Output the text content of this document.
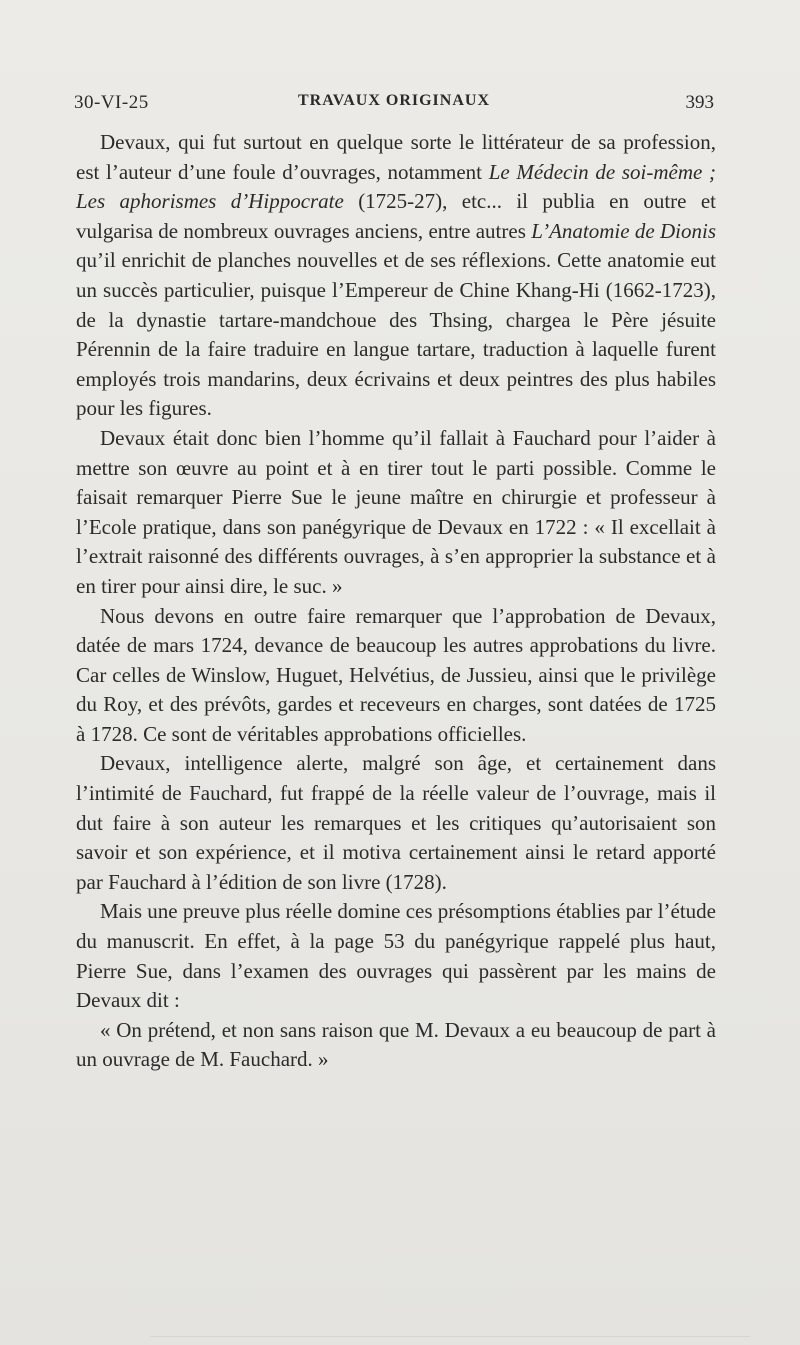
30-VI-25	TRAVAUX ORIGINAUX	393

Devaux, qui fut surtout en quelque sorte le littérateur de sa profession, est l’auteur d’une foule d’ouvrages, notamment Le Médecin de soi-même ; Les aphorismes d’Hippocrate (1725-27), etc... il publia en outre et vulgarisa de nombreux ouvrages anciens, entre autres L’Anatomie de Dionis qu’il enrichit de planches nouvelles et de ses réflexions. Cette anatomie eut un succès particulier, puisque l’Empereur de Chine Khang-Hi (1662-1723), de la dynastie tartare-mandchoue des Thsing, chargea le Père jésuite Pérennin de la faire traduire en langue tartare, traduction à laquelle furent employés trois mandarins, deux écrivains et deux peintres des plus habiles pour les figures.

Devaux était donc bien l’homme qu’il fallait à Fauchard pour l’aider à mettre son œuvre au point et à en tirer tout le parti possible. Comme le faisait remarquer Pierre Sue le jeune maître en chirurgie et professeur à l’Ecole pratique, dans son panégyrique de Devaux en 1722 : « Il excellait à l’extrait raisonné des différents ouvrages, à s’en approprier la substance et à en tirer pour ainsi dire, le suc. »

Nous devons en outre faire remarquer que l’approbation de Devaux, datée de mars 1724, devance de beaucoup les autres approbations du livre. Car celles de Winslow, Huguet, Helvétius, de Jussieu, ainsi que le privilège du Roy, et des prévôts, gardes et receveurs en charges, sont datées de 1725 à 1728. Ce sont de véritables approbations officielles.

Devaux, intelligence alerte, malgré son âge, et certainement dans l’intimité de Fauchard, fut frappé de la réelle valeur de l’ouvrage, mais il dut faire à son auteur les remarques et les critiques qu’autorisaient son savoir et son expérience, et il motiva certainement ainsi le retard apporté par Fauchard à l’édition de son livre (1728).

Mais une preuve plus réelle domine ces présomptions établies par l’étude du manuscrit. En effet, à la page 53 du panégyrique rappelé plus haut, Pierre Sue, dans l’examen des ouvrages qui passèrent par les mains de Devaux dit :

« On prétend, et non sans raison que M. Devaux a eu beaucoup de part à un ouvrage de M. Fauchard. »
